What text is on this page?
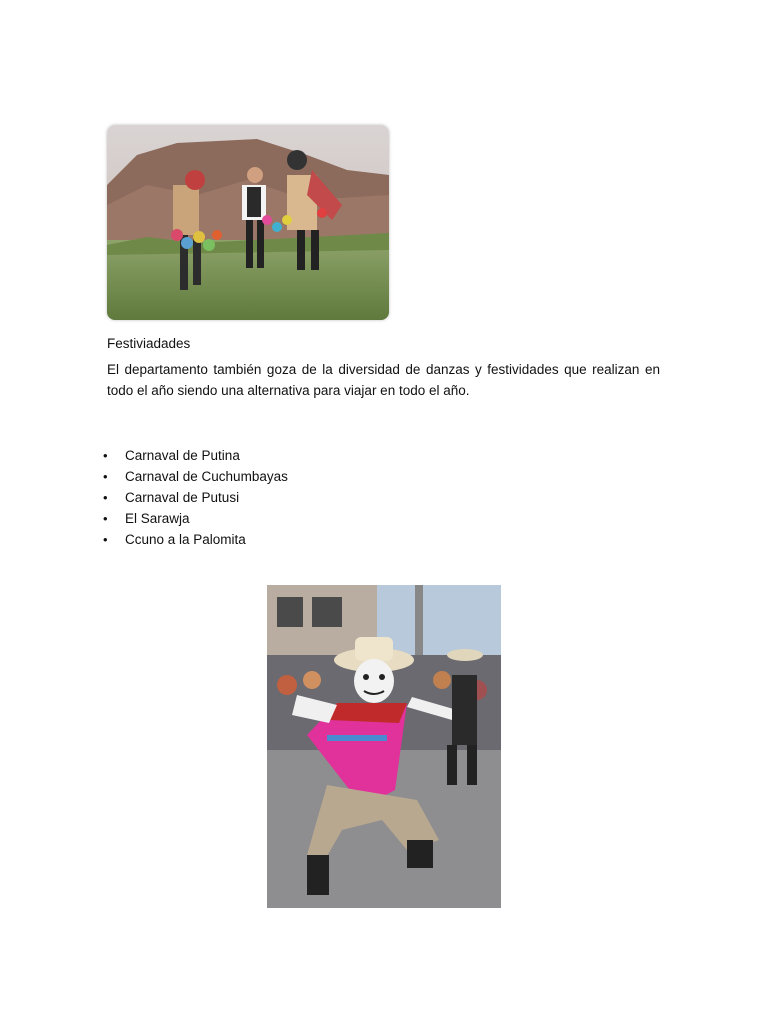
Festiviadades
El departamento también goza de la diversidad de danzas y festividades que realizan en todo el año siendo una alternativa para viajar en todo el año.
• Carnaval de Putina
• Carnaval de Cuchumbayas
• Carnaval de Putusi
• El Sarawja
• Ccuno a la Palomita
